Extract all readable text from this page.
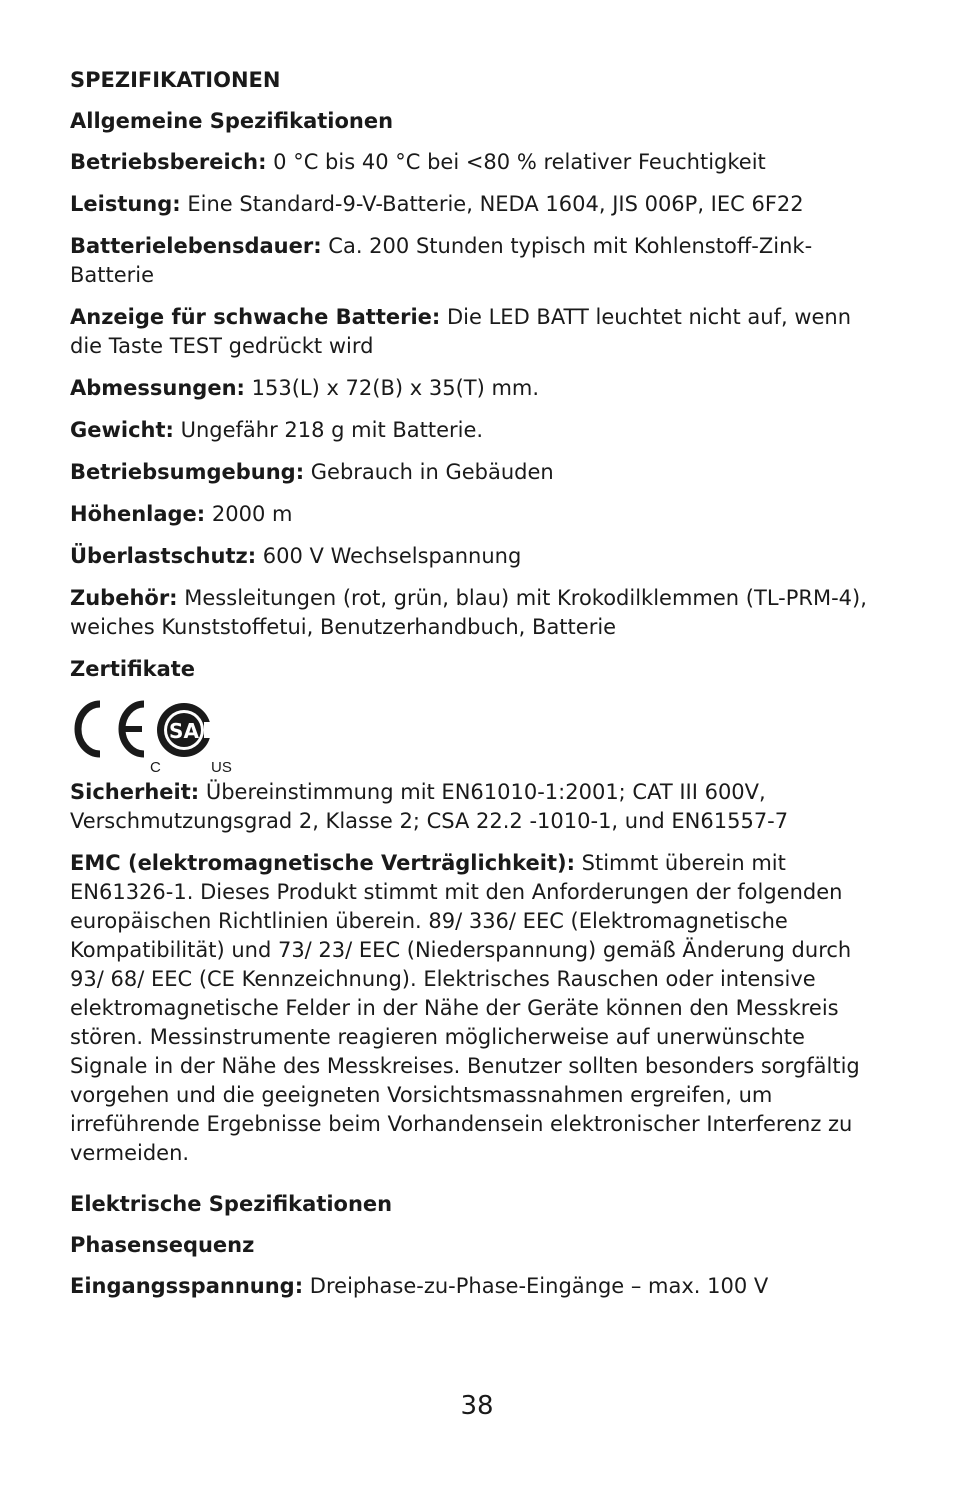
SPEZIFIKATIONEN
Allgemeine Spezifikationen
Betriebsbereich: 0 °C bis 40 °C bei <80 % relativer Feuchtigkeit
Leistung: Eine Standard-9-V-Batterie, NEDA 1604, JIS 006P, IEC 6F22
Batterielebensdauer: Ca. 200 Stunden typisch mit Kohlenstoff-Zink-Batterie
Anzeige für schwache Batterie: Die LED BATT leuchtet nicht auf, wenn die Taste TEST gedrückt wird
Abmessungen: 153(L) x 72(B) x 35(T) mm.
Gewicht: Ungefähr 218 g mit Batterie.
Betriebsumgebung: Gebrauch in Gebäuden
Höhenlage: 2000 m
Überlastschutz: 600 V Wechselspannung
Zubehör: Messleitungen (rot, grün, blau) mit Krokodilklemmen (TL-PRM-4), weiches Kunststoffetui, Benutzerhandbuch, Batterie
Zertifikate
SA
C	US
Sicherheit: Übereinstimmung mit EN61010-1:2001; CAT III 600V, Verschmutzungsgrad 2, Klasse 2; CSA 22.2 -1010-1, und EN61557-7
EMC (elektromagnetische Verträglichkeit): Stimmt überein mit EN61326-1. Dieses Produkt stimmt mit den Anforderungen der folgenden europäischen Richtlinien überein. 89/ 336/ EEC (Elektromagnetische Kompatibilität) und 73/ 23/ EEC (Niederspannung) gemäß Änderung durch 93/ 68/ EEC (CE Kennzeichnung). Elektrisches Rauschen oder intensive elektromagnetische Felder in der Nähe der Geräte können den Messkreis stören. Messinstrumente reagieren möglicherweise auf unerwünschte Signale in der Nähe des Messkreises. Benutzer sollten besonders sorgfältig vorgehen und die geeigneten Vorsichtsmassnahmen ergreifen, um irreführende Ergebnisse beim Vorhandensein elektronischer Interferenz zu vermeiden.
Elektrische Spezifikationen
Phasensequenz
Eingangsspannung: Dreiphase-zu-Phase-Eingänge – max. 100 V
38
